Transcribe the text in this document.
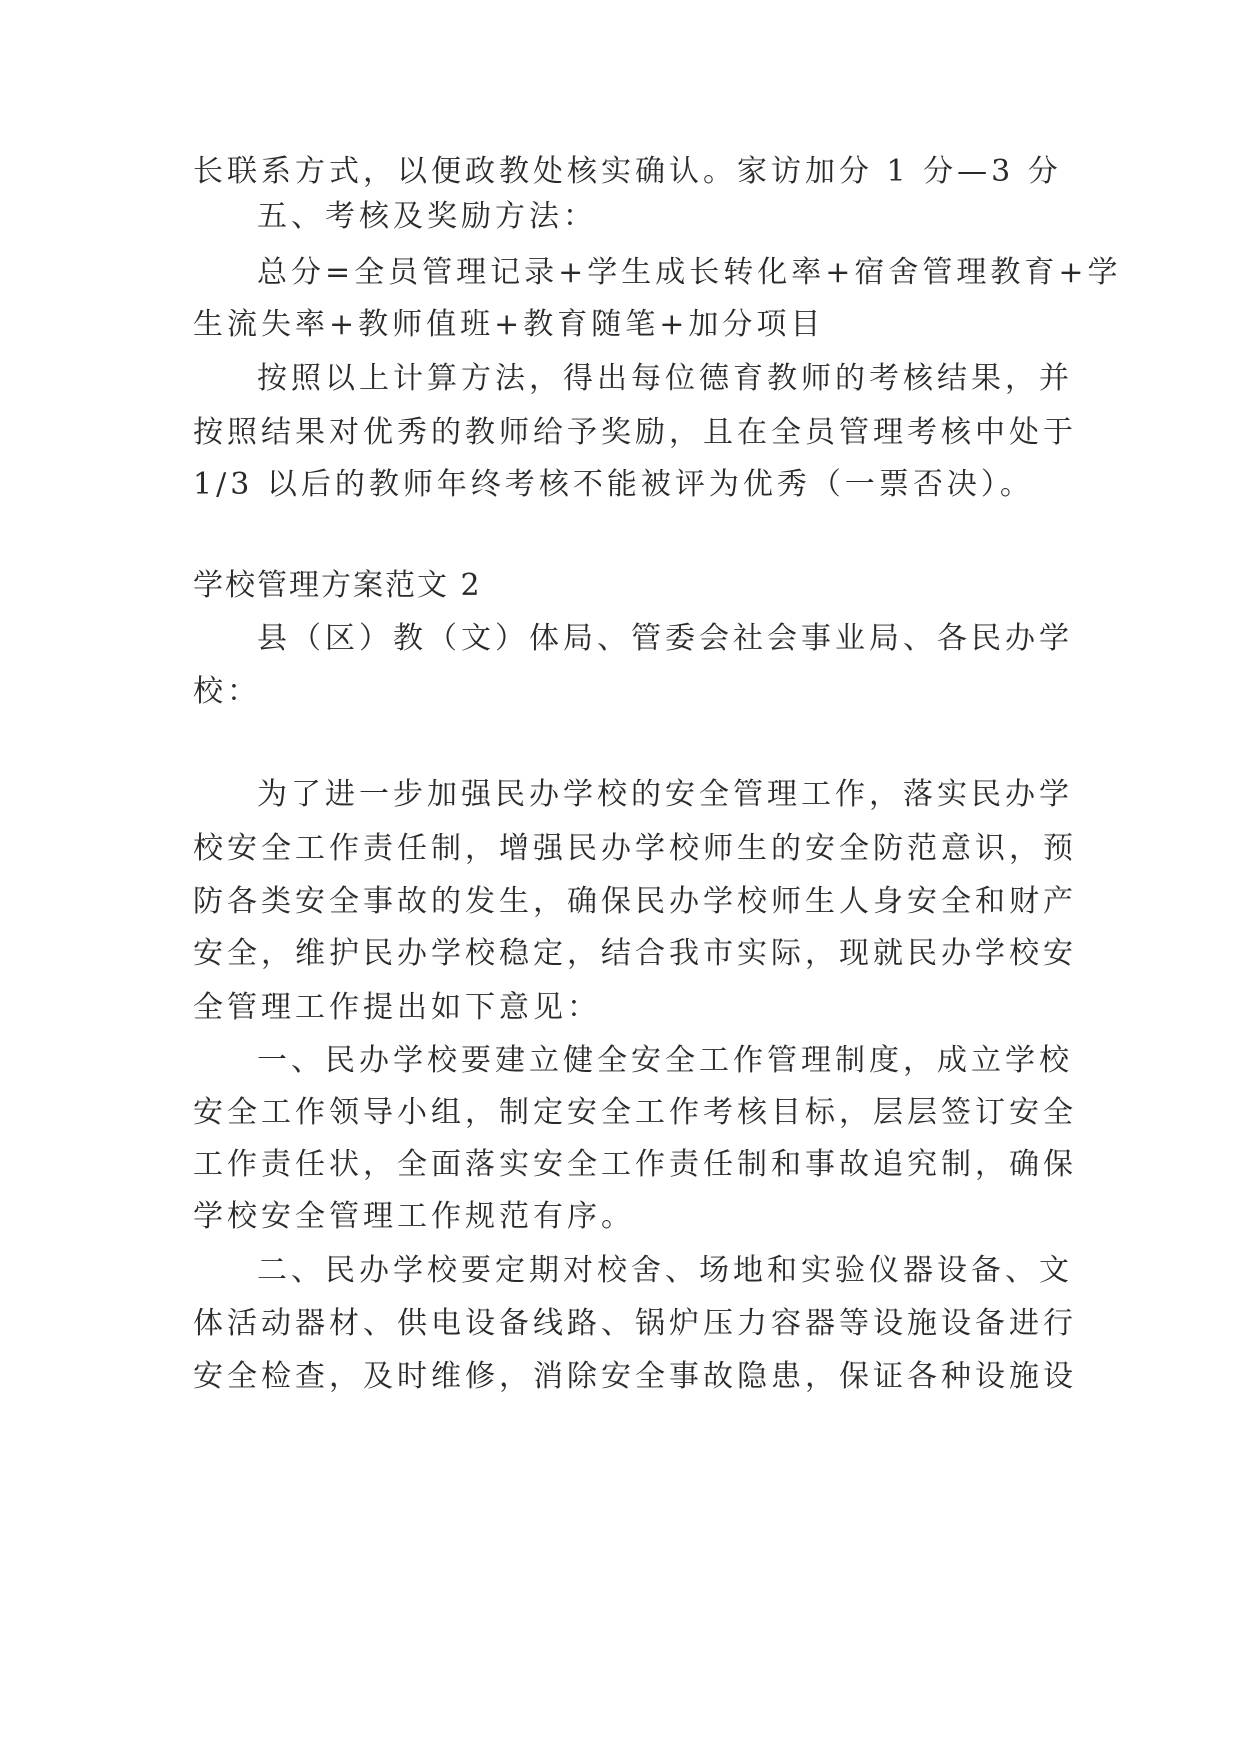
长联系方式，以便政教处核实确认。家访加分 1 分—3 分
五、考核及奖励方法：
总分=全员管理记录+学生成长转化率+宿舍管理教育+学
生流失率+教师值班+教育随笔+加分项目
按照以上计算方法，得出每位德育教师的考核结果，并
按照结果对优秀的教师给予奖励，且在全员管理考核中处于
1/3 以后的教师年终考核不能被评为优秀（一票否决）。
学校管理方案范文 2
县（区）教（文）体局、管委会社会事业局、各民办学
校：
为了进一步加强民办学校的安全管理工作，落实民办学
校安全工作责任制，增强民办学校师生的安全防范意识，预
防各类安全事故的发生，确保民办学校师生人身安全和财产
安全，维护民办学校稳定，结合我市实际，现就民办学校安
全管理工作提出如下意见：
一、民办学校要建立健全安全工作管理制度，成立学校
安全工作领导小组，制定安全工作考核目标，层层签订安全
工作责任状，全面落实安全工作责任制和事故追究制，确保
学校安全管理工作规范有序。
二、民办学校要定期对校舍、场地和实验仪器设备、文
体活动器材、供电设备线路、锅炉压力容器等设施设备进行
安全检查，及时维修，消除安全事故隐患，保证各种设施设
